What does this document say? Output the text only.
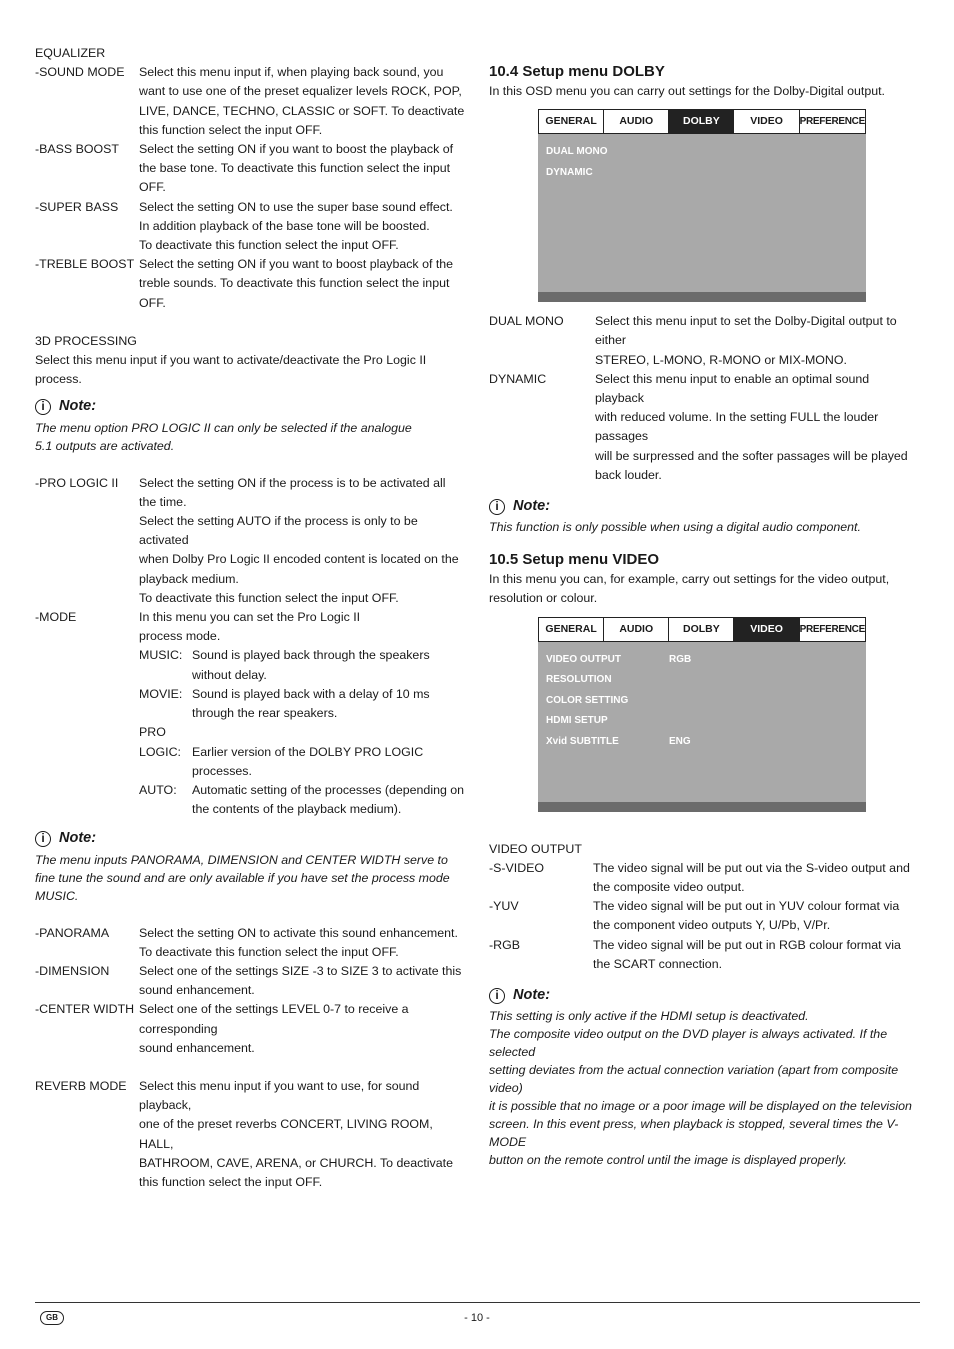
EQUALIZER
-SOUND MODE	Select this menu input if, when playing back sound, you
want to use one of the preset equalizer levels ROCK, POP,
LIVE, DANCE, TECHNO, CLASSIC or SOFT. To deactivate
this function select the input OFF.
-BASS BOOST	Select the setting ON if you want to boost the playback of
the base tone. To deactivate this function select the input OFF.
-SUPER BASS	Select the setting ON to use the super base sound effect.
In addition playback of the base tone will be boosted.
To deactivate this function select the input OFF.
-TREBLE BOOST Select the setting ON if you want to boost playback of the
treble sounds. To deactivate this function select the input OFF.
3D PROCESSING
Select this menu input if you want to activate/deactivate the Pro Logic II process.
i
Note:
The menu option PRO LOGIC II can only be selected if the analogue
5.1 outputs are activated.
-PRO LOGIC II	Select the setting ON if the process is to be activated all
the time.
Select the setting AUTO if the process is only to be activated
when Dolby Pro Logic II encoded content is located on the
playback medium.
To deactivate this function select the input OFF.
-MODE	In this menu you can set the Pro Logic II
process mode.
MUSIC: Sound is played back through the speakers
without delay.
MOVIE: Sound is played back with a delay of 10 ms
through the rear speakers.
PRO
LOGIC: Earlier version of the DOLBY PRO LOGIC processes.
AUTO:	Automatic setting of the processes (depending on
the contents of the playback medium).
i
Note:
The menu inputs PANORAMA, DIMENSION and CENTER WIDTH serve to
fine tune the sound and are only available if you have set the process mode
MUSIC.
-PANORAMA	Select the setting ON to activate this sound enhancement.
To deactivate this function select the input OFF.
-DIMENSION	Select one of the settings SIZE -3 to SIZE 3 to activate this
sound enhancement.
-CENTER WIDTH Select one of the settings LEVEL 0-7 to receive a corresponding
sound enhancement.
REVERB MODE	Select this menu input if you want to use, for sound playback,
one of the preset reverbs CONCERT, LIVING ROOM, HALL,
BATHROOM, CAVE, ARENA, or CHURCH. To deactivate
this function select the input OFF.
10.4 Setup menu DOLBY
In this OSD menu you can carry out settings for the Dolby-Digital output.
GENERAL	AUDIO	DOLBY	VIDEO	PREFERENCE
DUAL MONO
DYNAMIC
DUAL MONO	Select this menu input to set the Dolby-Digital output to either
STEREO, L-MONO, R-MONO or MIX-MONO.
DYNAMIC	Select this menu input to enable an optimal sound playback
with reduced volume. In the setting FULL the louder passages
will be surpressed and the softer passages will be played
back louder.
i
Note:
This function is only possible when using a digital audio component.
10.5 Setup menu VIDEO
In this menu you can, for example, carry out settings for the video output,
resolution or colour.
GENERAL	AUDIO	DOLBY	VIDEO	PREFERENCE
VIDEO OUTPUT	RGB
RESOLUTION
COLOR SETTING
HDMI SETUP
Xvid SUBTITLE	ENG
VIDEO OUTPUT
-S-VIDEO	The video signal will be put out via the S-video output and
the composite video output.
-YUV	The video signal will be put out in YUV colour format via
the component video outputs Y, U/Pb, V/Pr.
-RGB	The video signal will be put out in RGB colour format via
the SCART connection.
i
Note:
This setting is only active if the HDMI setup is deactivated.
The composite video output on the DVD player is always activated. If the selected
setting deviates from the actual connection variation (apart from composite video)
it is possible that no image or a poor image will be displayed on the television
screen. In this event press, when playback is stopped, several times the V-MODE
button on the remote control until the image is displayed properly.
GB	- 10 -
